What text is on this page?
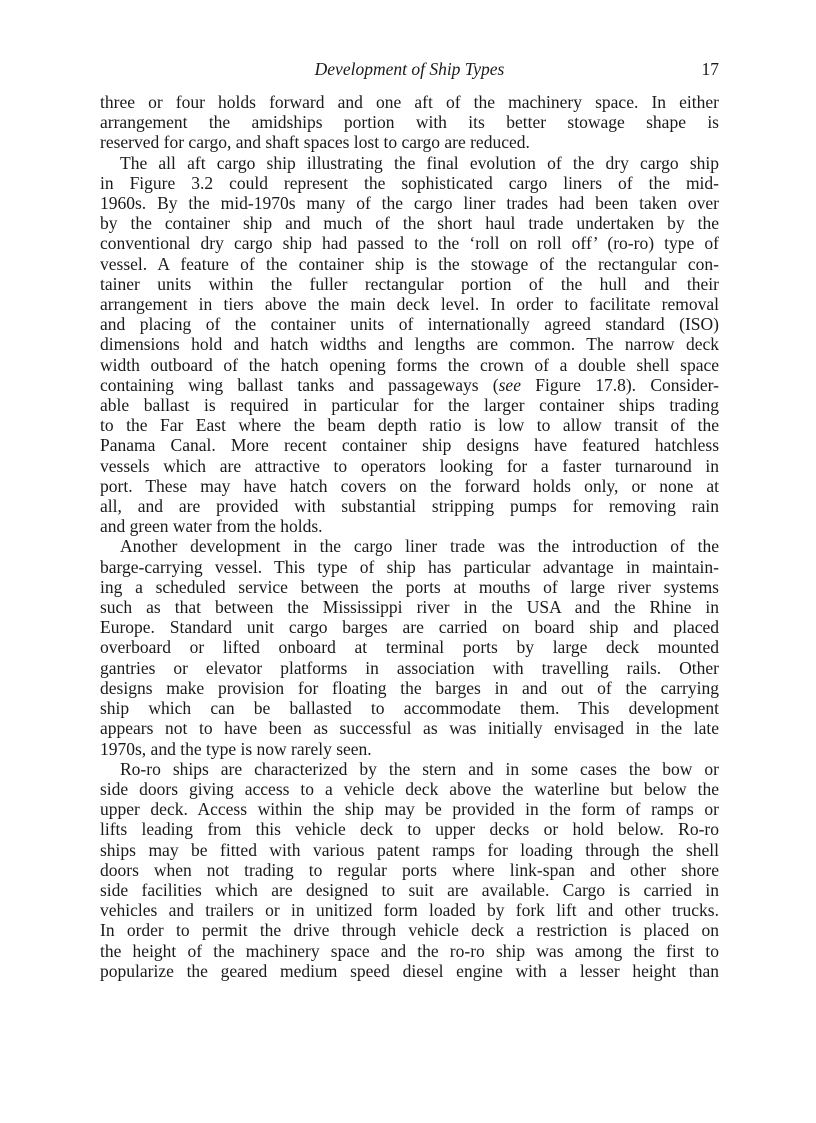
Development of Ship Types	17

three or four holds forward and one aft of the machinery space. In either
arrangement the amidships portion with its better stowage shape is
reserved for cargo, and shaft spaces lost to cargo are reduced.

The all aft cargo ship illustrating the final evolution of the dry cargo ship
in Figure 3.2 could represent the sophisticated cargo liners of the mid-
1960s. By the mid-1970s many of the cargo liner trades had been taken over
by the container ship and much of the short haul trade undertaken by the
conventional dry cargo ship had passed to the ‘roll on roll off’ (ro-ro) type of
vessel. A feature of the container ship is the stowage of the rectangular con-
tainer units within the fuller rectangular portion of the hull and their
arrangement in tiers above the main deck level. In order to facilitate removal
and placing of the container units of internationally agreed standard (ISO)
dimensions hold and hatch widths and lengths are common. The narrow deck
width outboard of the hatch opening forms the crown of a double shell space
containing wing ballast tanks and passageways (see Figure 17.8). Consider-
able ballast is required in particular for the larger container ships trading
to the Far East where the beam depth ratio is low to allow transit of the
Panama Canal. More recent container ship designs have featured hatchless
vessels which are attractive to operators looking for a faster turnaround in
port. These may have hatch covers on the forward holds only, or none at
all, and are provided with substantial stripping pumps for removing rain
and green water from the holds.

Another development in the cargo liner trade was the introduction of the
barge-carrying vessel. This type of ship has particular advantage in maintain-
ing a scheduled service between the ports at mouths of large river systems
such as that between the Mississippi river in the USA and the Rhine in
Europe. Standard unit cargo barges are carried on board ship and placed
overboard or lifted onboard at terminal ports by large deck mounted
gantries or elevator platforms in association with travelling rails. Other
designs make provision for floating the barges in and out of the carrying
ship which can be ballasted to accommodate them. This development
appears not to have been as successful as was initially envisaged in the late
1970s, and the type is now rarely seen.

Ro-ro ships are characterized by the stern and in some cases the bow or
side doors giving access to a vehicle deck above the waterline but below the
upper deck. Access within the ship may be provided in the form of ramps or
lifts leading from this vehicle deck to upper decks or hold below. Ro-ro
ships may be fitted with various patent ramps for loading through the shell
doors when not trading to regular ports where link-span and other shore
side facilities which are designed to suit are available. Cargo is carried in
vehicles and trailers or in unitized form loaded by fork lift and other trucks.
In order to permit the drive through vehicle deck a restriction is placed on
the height of the machinery space and the ro-ro ship was among the first to
popularize the geared medium speed diesel engine with a lesser height than
